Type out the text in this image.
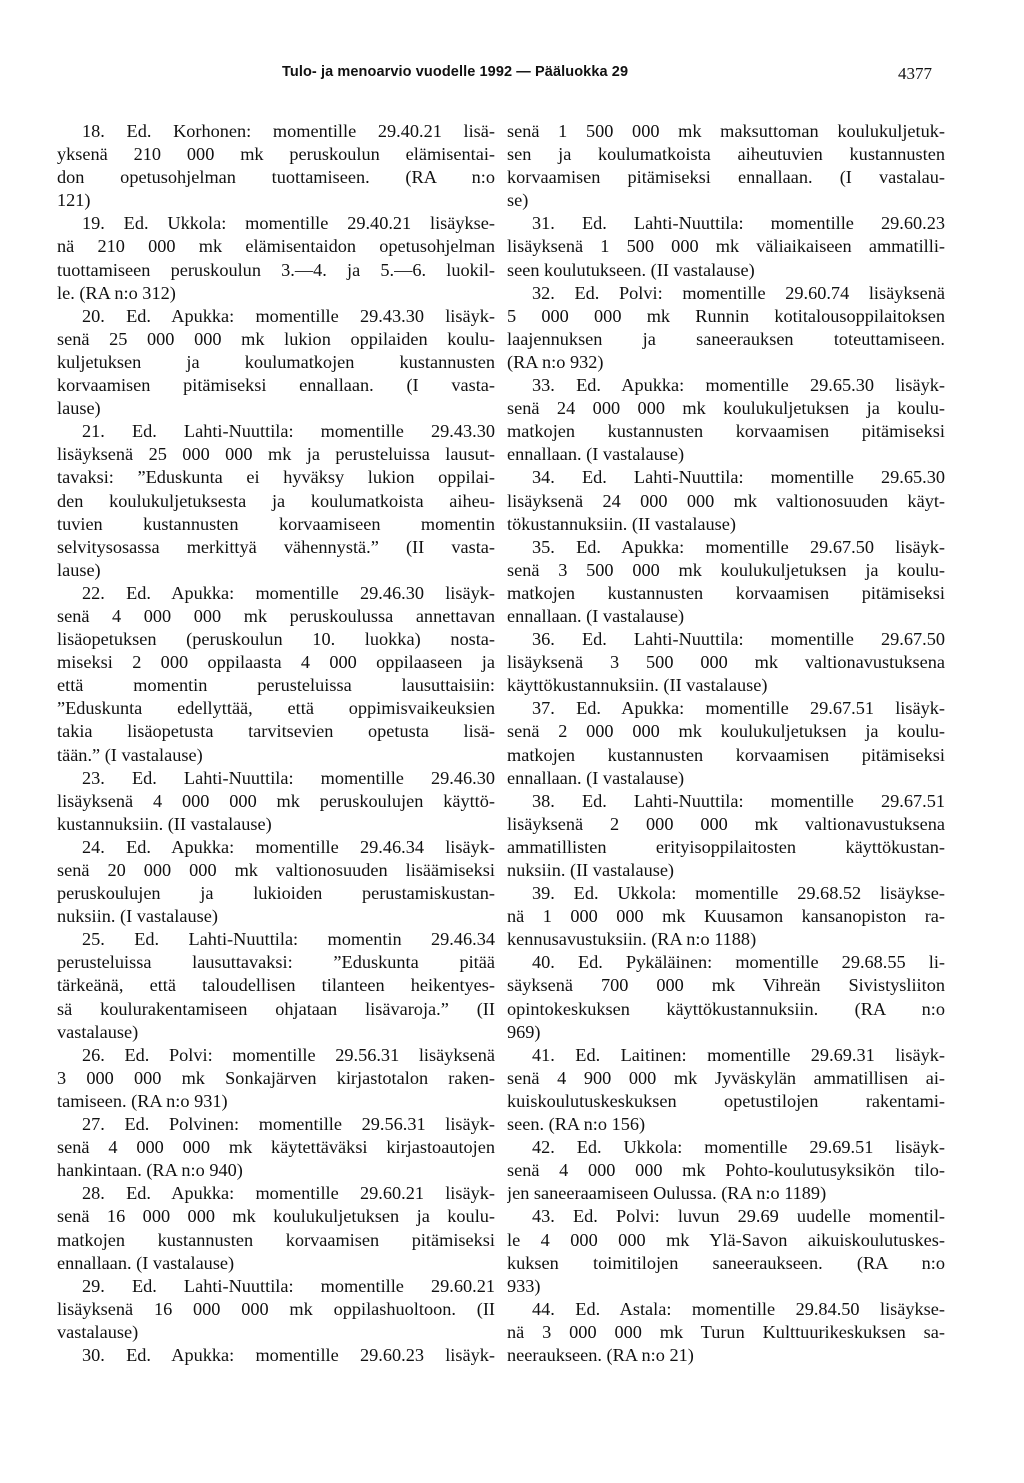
Tulo- ja menoarvio vuodelle 1992 — Pääluokka 29	4377
18. Ed. Korhonen: momentille 29.40.21 lisä-
yksenä 210 000 mk peruskoulun elämisentai-
don opetusohjelman tuottamiseen. (RA n:o
121)
19. Ed. Ukkola: momentille 29.40.21 lisäykse-
nä 210 000 mk elämisentaidon opetusohjelman
tuottamiseen peruskoulun 3.—4. ja 5.—6. luokil-
le. (RA n:o 312)
20. Ed. Apukka: momentille 29.43.30 lisäyk-
senä 25 000 000 mk lukion oppilaiden koulu-
kuljetuksen ja koulumatkojen kustannusten
korvaamisen pitämiseksi ennallaan. (I vasta-
lause)
21. Ed. Lahti-Nuuttila: momentille 29.43.30
lisäyksenä 25 000 000 mk ja perusteluissa lausut-
tavaksi: ”Eduskunta ei hyväksy lukion oppilai-
den koulukuljetuksesta ja koulumatkoista aiheu-
tuvien kustannusten korvaamiseen momentin
selvitysosassa merkittyä vähennystä.” (II vasta-
lause)
22. Ed. Apukka: momentille 29.46.30 lisäyk-
senä 4 000 000 mk peruskoulussa annettavan
lisäopetuksen (peruskoulun 10. luokka) nosta-
miseksi 2 000 oppilaasta 4 000 oppilaaseen ja
että momentin perusteluissa lausuttaisiin:
”Eduskunta edellyttää, että oppimisvaikeuksien
takia lisäopetusta tarvitsevien opetusta lisä-
tään.” (I vastalause)
23. Ed. Lahti-Nuuttila: momentille 29.46.30
lisäyksenä 4 000 000 mk peruskoulujen käyttö-
kustannuksiin. (II vastalause)
24. Ed. Apukka: momentille 29.46.34 lisäyk-
senä 20 000 000 mk valtionosuuden lisäämiseksi
peruskoulujen ja lukioiden perustamiskustan-
nuksiin. (I vastalause)
25. Ed. Lahti-Nuuttila: momentin 29.46.34
perusteluissa lausuttavaksi: ”Eduskunta pitää
tärkeänä, että taloudellisen tilanteen heikentyes-
sä koulurakentamiseen ohjataan lisävaroja.” (II
vastalause)
26. Ed. Polvi: momentille 29.56.31 lisäyksenä
3 000 000 mk Sonkajärven kirjastotalon raken-
tamiseen. (RA n:o 931)
27. Ed. Polvinen: momentille 29.56.31 lisäyk-
senä 4 000 000 mk käytettäväksi kirjastoautojen
hankintaan. (RA n:o 940)
28. Ed. Apukka: momentille 29.60.21 lisäyk-
senä 16 000 000 mk koulukuljetuksen ja koulu-
matkojen kustannusten korvaamisen pitämiseksi
ennallaan. (I vastalause)
29. Ed. Lahti-Nuuttila: momentille 29.60.21
lisäyksenä 16 000 000 mk oppilashuoltoon. (II
vastalause)
30. Ed. Apukka: momentille 29.60.23 lisäyk-
senä 1 500 000 mk maksuttoman koulukuljetuk-
sen ja koulumatkoista aiheutuvien kustannusten
korvaamisen pitämiseksi ennallaan. (I vastalau-
se)
31. Ed. Lahti-Nuuttila: momentille 29.60.23
lisäyksenä 1 500 000 mk väliaikaiseen ammatilli-
seen koulutukseen. (II vastalause)
32. Ed. Polvi: momentille 29.60.74 lisäyksenä
5 000 000 mk Runnin kotitalousoppilaitoksen
laajennuksen ja saneerauksen toteuttamiseen.
(RA n:o 932)
33. Ed. Apukka: momentille 29.65.30 lisäyk-
senä 24 000 000 mk koulukuljetuksen ja koulu-
matkojen kustannusten korvaamisen pitämiseksi
ennallaan. (I vastalause)
34. Ed. Lahti-Nuuttila: momentille 29.65.30
lisäyksenä 24 000 000 mk valtionosuuden käyt-
tökustannuksiin. (II vastalause)
35. Ed. Apukka: momentille 29.67.50 lisäyk-
senä 3 500 000 mk koulukuljetuksen ja koulu-
matkojen kustannusten korvaamisen pitämiseksi
ennallaan. (I vastalause)
36. Ed. Lahti-Nuuttila: momentille 29.67.50
lisäyksenä 3 500 000 mk valtionavustuksena
käyttökustannuksiin. (II vastalause)
37. Ed. Apukka: momentille 29.67.51 lisäyk-
senä 2 000 000 mk koulukuljetuksen ja koulu-
matkojen kustannusten korvaamisen pitämiseksi
ennallaan. (I vastalause)
38. Ed. Lahti-Nuuttila: momentille 29.67.51
lisäyksenä 2 000 000 mk valtionavustuksena
ammatillisten erityisoppilaitosten käyttökustan-
nuksiin. (II vastalause)
39. Ed. Ukkola: momentille 29.68.52 lisäykse-
nä 1 000 000 mk Kuusamon kansanopiston ra-
kennusavustuksiin. (RA n:o 1188)
40. Ed. Pykäläinen: momentille 29.68.55 li-
säyksenä 700 000 mk Vihreän Sivistysliiton
opintokeskuksen käyttökustannuksiin. (RA n:o
969)
41. Ed. Laitinen: momentille 29.69.31 lisäyk-
senä 4 900 000 mk Jyväskylän ammatillisen ai-
kuiskoulutuskeskuksen opetustilojen rakentami-
seen. (RA n:o 156)
42. Ed. Ukkola: momentille 29.69.51 lisäyk-
senä 4 000 000 mk Pohto-koulutusyksikön tilo-
jen saneeraamiseen Oulussa. (RA n:o 1189)
43. Ed. Polvi: luvun 29.69 uudelle momentil-
le 4 000 000 mk Ylä-Savon aikuiskoulutuskes-
kuksen toimitilojen saneeraukseen. (RA n:o
933)
44. Ed. Astala: momentille 29.84.50 lisäykse-
nä 3 000 000 mk Turun Kulttuurikeskuksen sa-
neeraukseen. (RA n:o 21)
